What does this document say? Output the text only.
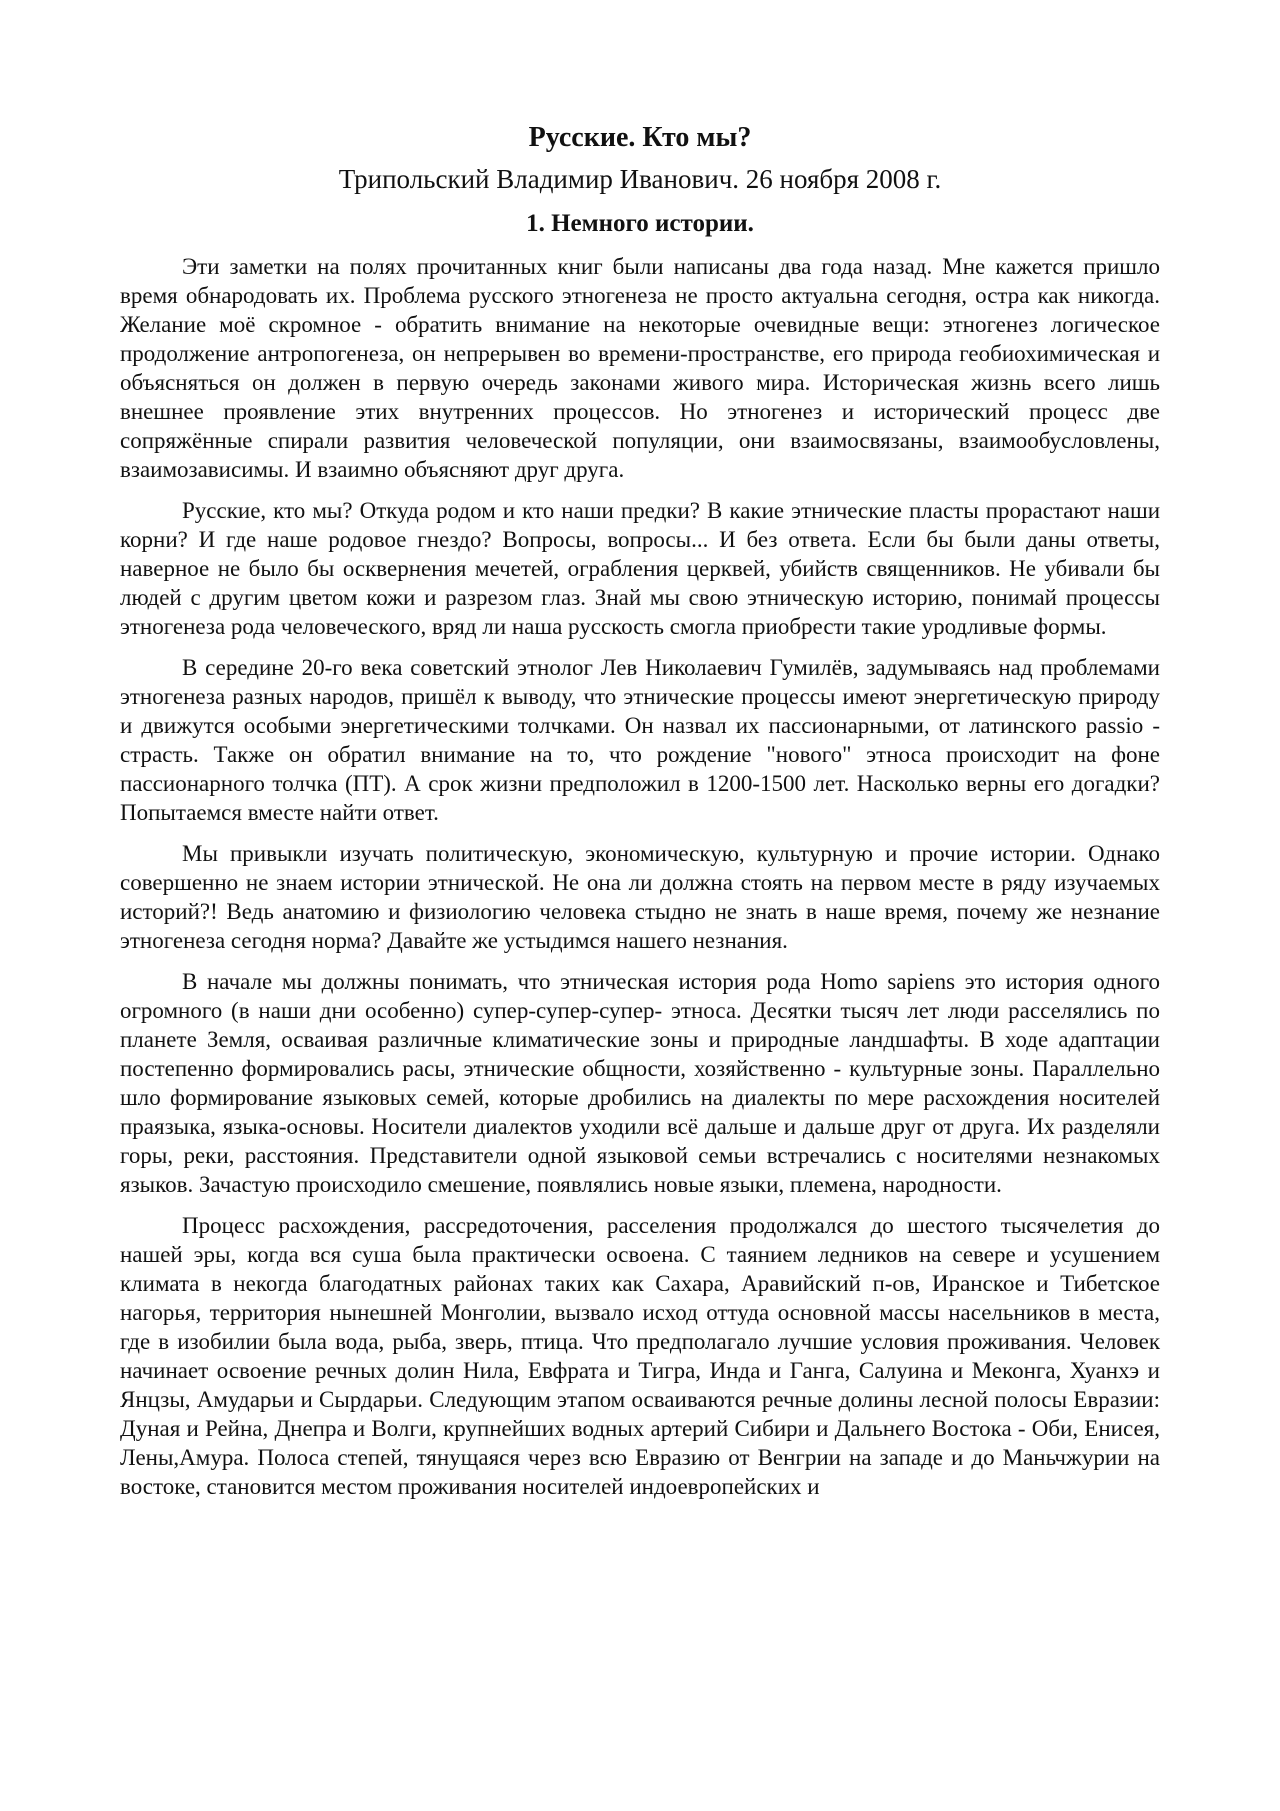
Русские. Кто мы?
Трипольский Владимир Иванович. 26 ноября 2008 г.
1. Немного истории.

Эти заметки на полях прочитанных книг были написаны два года назад. Мне кажется пришло время обнародовать их. Проблема русского этногенеза не просто актуальна сегодня, остра как никогда. Желание моё скромное - обратить внимание на некоторые очевидные вещи: этногенез логическое продолжение антропогенеза, он непрерывен во времени-пространстве, его природа геобиохимическая и объясняться он должен в первую очередь законами живого мира. Историческая жизнь всего лишь внешнее проявление этих внутренних процессов. Но этногенез и исторический процесс две сопряжённые спирали развития человеческой популяции, они взаимосвязаны, взаимообусловлены, взаимозависимы. И взаимно объясняют друг друга.

Русские, кто мы? Откуда родом и кто наши предки? В какие этнические пласты прорастают наши корни? И где наше родовое гнездо? Вопросы, вопросы... И без ответа. Если бы были даны ответы, наверное не было бы осквернения мечетей, ограбления церквей, убийств священников. Не убивали бы людей с другим цветом кожи и разрезом глаз. Знай мы свою этническую историю, понимай процессы этногенеза рода человеческого, вряд ли наша русскость смогла приобрести такие уродливые формы.

В середине 20-го века советский этнолог Лев Николаевич Гумилёв, задумываясь над проблемами этногенеза разных народов, пришёл к выводу, что этнические процессы имеют энергетическую природу и движутся особыми энергетическими толчками. Он назвал их пассионарными, от латинского passio - страсть. Также он обратил внимание на то, что рождение "нового" этноса происходит на фоне пассионарного толчка (ПТ). А срок жизни предположил в 1200-1500 лет. Насколько верны его догадки? Попытаемся вместе найти ответ.

Мы привыкли изучать политическую, экономическую, культурную и прочие истории. Однако совершенно не знаем истории этнической. Не она ли должна стоять на первом месте в ряду изучаемых историй?! Ведь анатомию и физиологию человека стыдно не знать в наше время, почему же незнание этногенеза сегодня норма? Давайте же устыдимся нашего незнания.

В начале мы должны понимать, что этническая история рода Homo sapiens это история одного огромного (в наши дни особенно) супер-супер-супер- этноса. Десятки тысяч лет люди расселялись по планете Земля, осваивая различные климатические зоны и природные ландшафты. В ходе адаптации постепенно формировались расы, этнические общности, хозяйственно - культурные зоны. Параллельно шло формирование языковых семей, которые дробились на диалекты по мере расхождения носителей праязыка, языка-основы. Носители диалектов уходили всё дальше и дальше друг от друга. Их разделяли горы, реки, расстояния. Представители одной языковой семьи встречались с носителями незнакомых языков. Зачастую происходило смешение, появлялись новые языки, племена, народности.

Процесс расхождения, рассредоточения, расселения продолжался до шестого тысячелетия до нашей эры, когда вся суша была практически освоена. С таянием ледников на севере и усушением климата в некогда благодатных районах таких как Сахара, Аравийский п-ов, Иранское и Тибетское нагорья, территория нынешней Монголии, вызвало исход оттуда основной массы насельников в места, где в изобилии была вода, рыба, зверь, птица. Что предполагало лучшие условия проживания. Человек начинает освоение речных долин Нила, Евфрата и Тигра, Инда и Ганга, Салуина и Меконга, Хуанхэ и Янцзы, Амударьи и Сырдарьи. Следующим этапом осваиваются речные долины лесной полосы Евразии: Дуная и Рейна, Днепра и Волги, крупнейших водных артерий Сибири и Дальнего Востока - Оби, Енисея, Лены,Амура. Полоса степей, тянущаяся через всю Евразию от Венгрии на западе и до Маньчжурии на востоке, становится местом проживания носителей индоевропейских и
